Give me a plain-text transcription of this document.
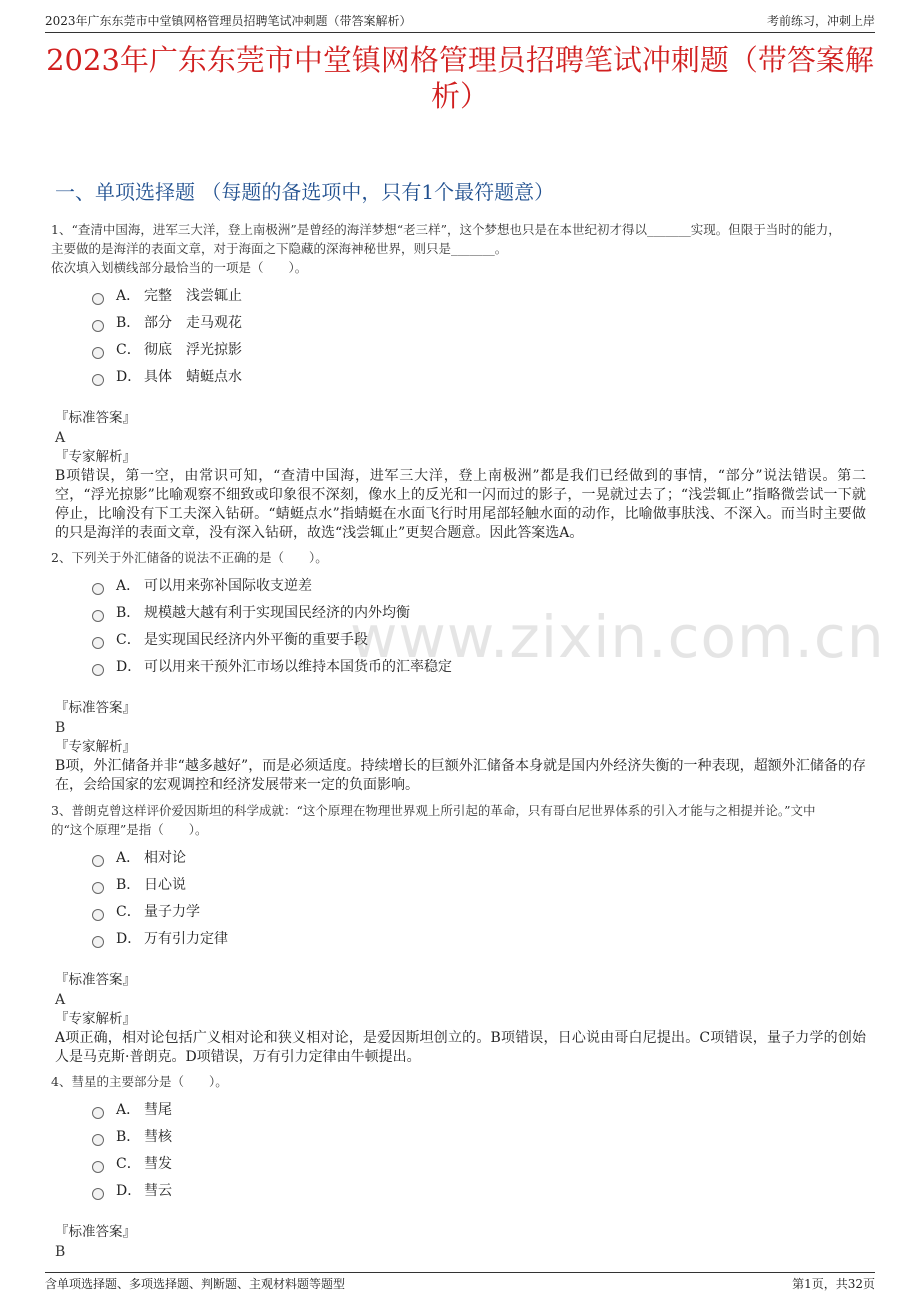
2023年广东东莞市中堂镇网格管理员招聘笔试冲刺题（带答案解析）	考前练习，冲刺上岸
2023年广东东莞市中堂镇网格管理员招聘笔试冲刺题（带答案解析）
一、单项选择题 （每题的备选项中，只有1个最符题意）
www.zixin.com.cn

1、“查清中国海，进军三大洋，登上南极洲”是曾经的海洋梦想“老三样”，这个梦想也只是在本世纪初才得以_______实现。但限于当时的能力，

主要做的是海洋的表面文章，对于海面之下隐藏的深海神秘世界，则只是_______。

依次填入划横线部分最恰当的一项是（　　）。

A． 完整　浅尝辄止
B． 部分　走马观花
C． 彻底　浮光掠影
D． 具体　蜻蜓点水
『标准答案』
A
『专家解析』
B项错误，第一空，由常识可知，“查清中国海，进军三大洋，登上南极洲”都是我们已经做到的事情，“部分”说法错误。第二空，“浮光掠影”比喻观察不细致或印象很不深刻，像水上的反光和一闪而过的影子，一晃就过去了；“浅尝辄止”指略微尝试一下就停止，比喻没有下工夫深入钻研。“蜻蜓点水”指蜻蜓在水面飞行时用尾部轻触水面的动作，比喻做事肤浅、不深入。而当时主要做的只是海洋的表面文章，没有深入钻研，故选“浅尝辄止”更契合题意。因此答案选A。

2、下列关于外汇储备的说法不正确的是（　　）。

A． 可以用来弥补国际收支逆差
B． 规模越大越有利于实现国民经济的内外均衡
C． 是实现国民经济内外平衡的重要手段
D． 可以用来干预外汇市场以维持本国货币的汇率稳定
『标准答案』
B
『专家解析』
B项，外汇储备并非“越多越好”，而是必须适度。持续增长的巨额外汇储备本身就是国内外经济失衡的一种表现，超额外汇储备的存在，会给国家的宏观调控和经济发展带来一定的负面影响。

3、普朗克曾这样评价爱因斯坦的科学成就：“这个原理在物理世界观上所引起的革命，只有哥白尼世界体系的引入才能与之相提并论。”文中

的“这个原理”是指（　　）。

A． 相对论
B． 日心说
C． 量子力学
D． 万有引力定律
『标准答案』
A
『专家解析』
A项正确，相对论包括广义相对论和狭义相对论，是爱因斯坦创立的。B项错误，日心说由哥白尼提出。C项错误，量子力学的创始人是马克斯·普朗克。D项错误，万有引力定律由牛顿提出。

4、彗星的主要部分是（　　）。

A． 彗尾
B． 彗核
C． 彗发
D． 彗云
『标准答案』
B
含单项选择题、多项选择题、判断题、主观材料题等题型	第1页，共32页
